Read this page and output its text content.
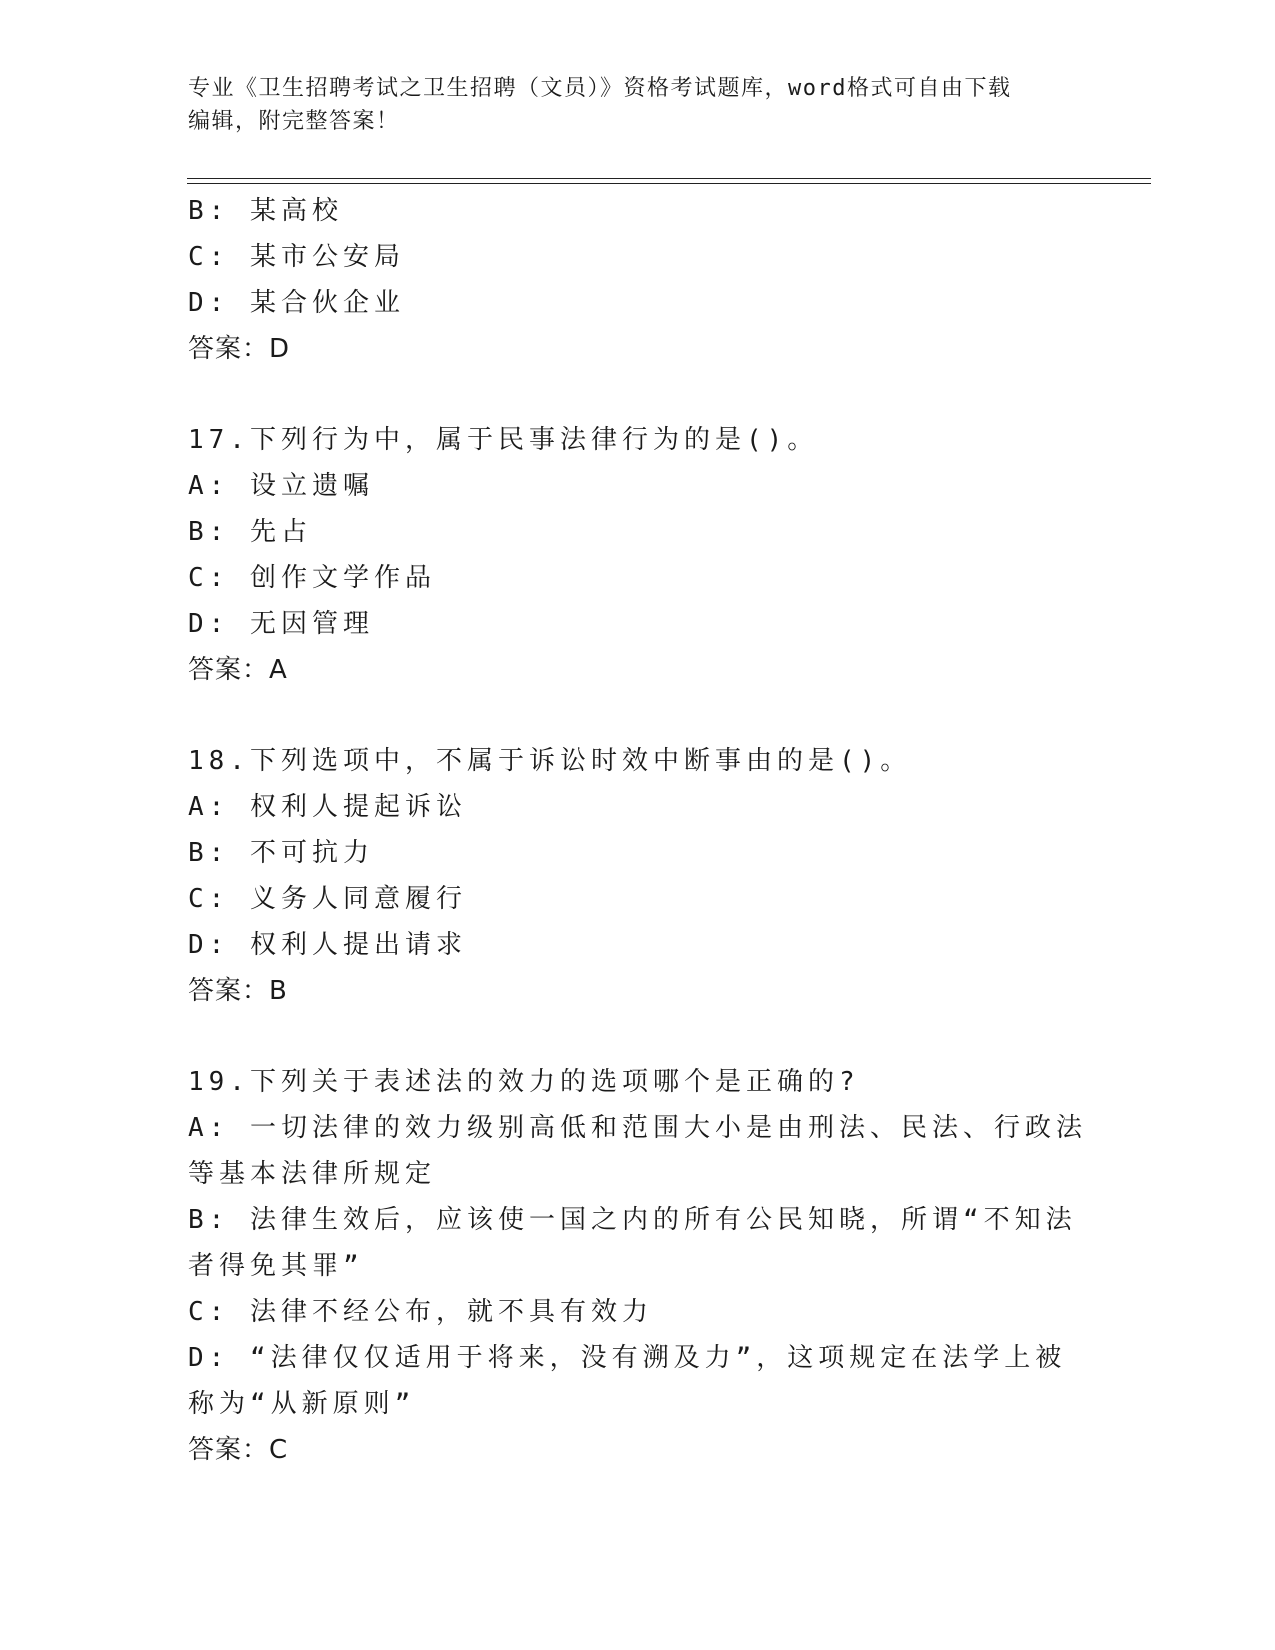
专业《卫生招聘考试之卫生招聘（文员）》资格考试题库，word格式可自由下载
编辑，附完整答案！

B: 某高校

C: 某市公安局

D: 某合伙企业

答案：D

17.下列行为中，属于民事法律行为的是()。

A: 设立遗嘱

B: 先占

C: 创作文学作品

D: 无因管理

答案：A

18.下列选项中，不属于诉讼时效中断事由的是()。

A: 权利人提起诉讼

B: 不可抗力

C: 义务人同意履行

D: 权利人提出请求

答案：B

19.下列关于表述法的效力的选项哪个是正确的?

A: 一切法律的效力级别高低和范围大小是由刑法、民法、行政法等基本法律所规定

B: 法律生效后，应该使一国之内的所有公民知晓，所谓“不知法者得免其罪”

C: 法律不经公布，就不具有效力

D: “法律仅仅适用于将来，没有溯及力”，这项规定在法学上被称为“从新原则”

答案：C
